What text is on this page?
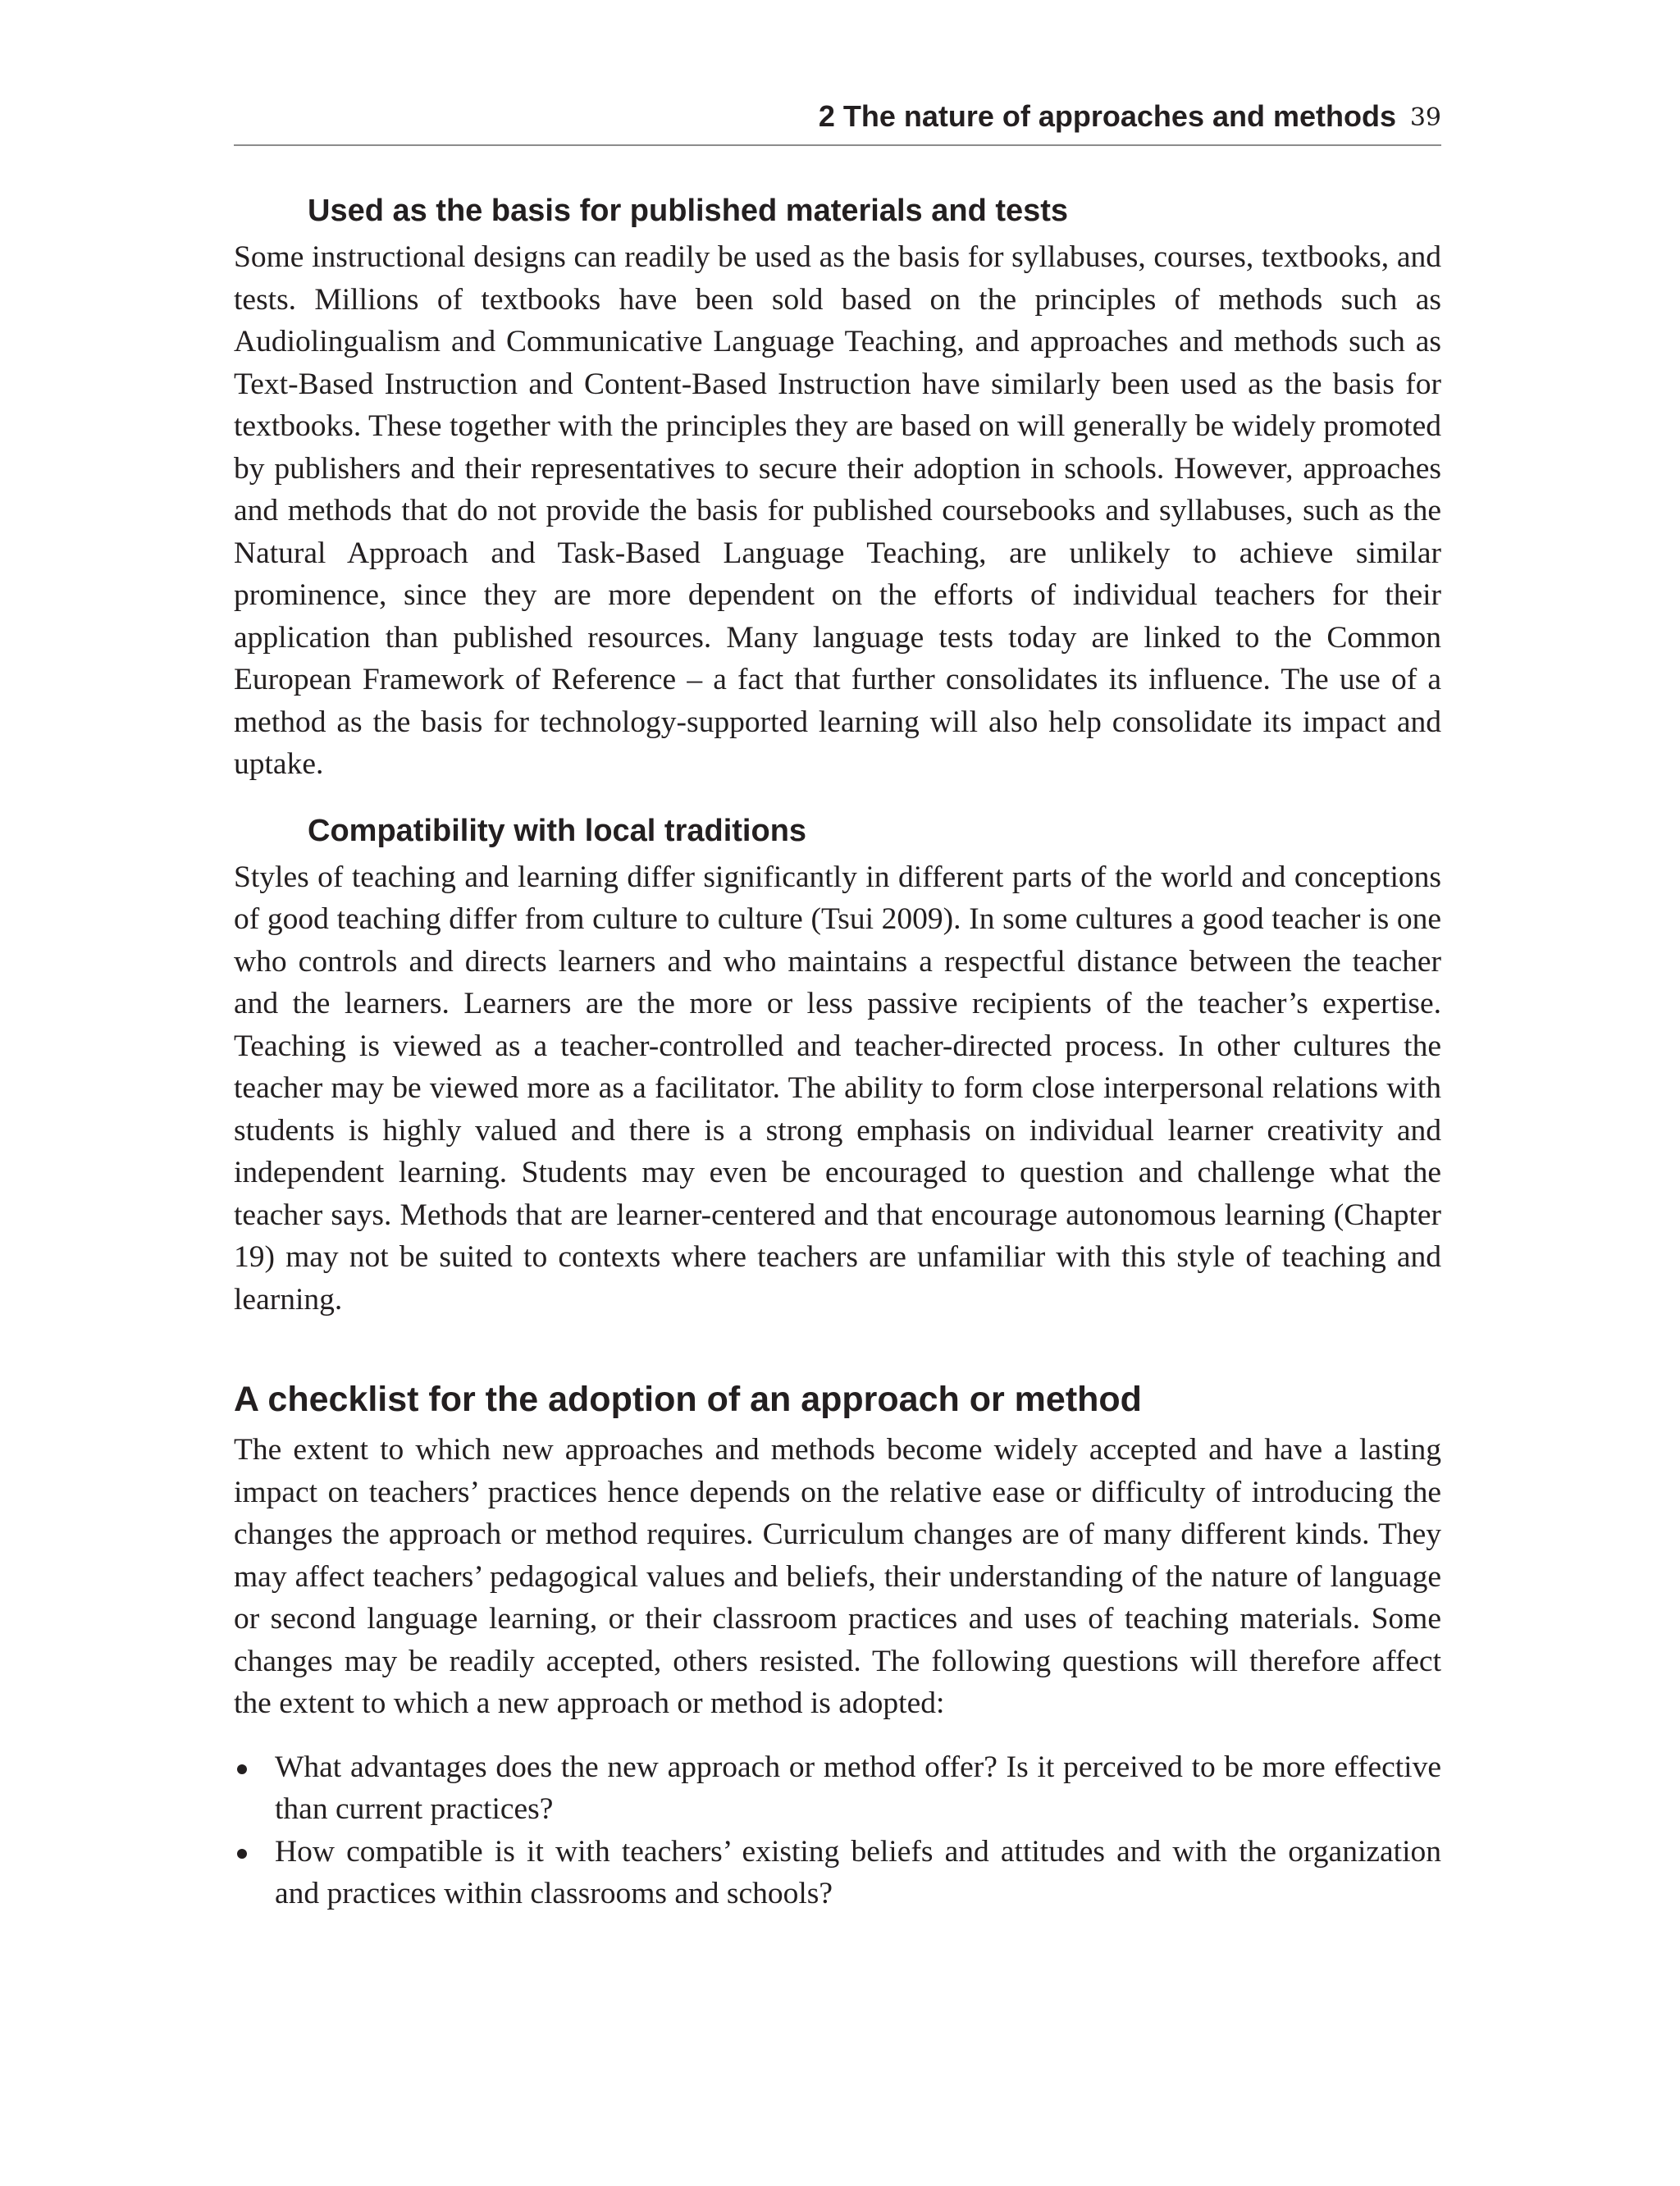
2 The nature of approaches and methods 39
Used as the basis for published materials and tests

Some instructional designs can readily be used as the basis for syllabuses, courses, textbooks, and tests. Millions of textbooks have been sold based on the principles of methods such as Audiolingualism and Communicative Language Teaching, and approaches and methods such as Text-Based Instruction and Content-Based Instruction have similarly been used as the basis for textbooks. These together with the principles they are based on will generally be widely promoted by publishers and their representatives to secure their adoption in schools. However, approaches and methods that do not provide the basis for published coursebooks and syllabuses, such as the Natural Approach and Task-Based Language Teaching, are unlikely to achieve similar prominence, since they are more dependent on the efforts of individual teachers for their application than published resources. Many language tests today are linked to the Common European Framework of Reference – a fact that further consolidates its influence. The use of a method as the basis for technology-supported learning will also help consolidate its impact and uptake.

Compatibility with local traditions

Styles of teaching and learning differ significantly in different parts of the world and conceptions of good teaching differ from culture to culture (Tsui 2009). In some cultures a good teacher is one who controls and directs learners and who maintains a respectful distance between the teacher and the learners. Learners are the more or less passive recipients of the teacher’s expertise. Teaching is viewed as a teacher-controlled and teacher-directed process. In other cultures the teacher may be viewed more as a facilitator. The ability to form close interpersonal relations with students is highly valued and there is a strong emphasis on individual learner creativity and independent learning. Students may even be encouraged to question and challenge what the teacher says. Methods that are learner-centered and that encourage autonomous learning (Chapter 19) may not be suited to contexts where teachers are unfamiliar with this style of teaching and learning.

A checklist for the adoption of an approach or method

The extent to which new approaches and methods become widely accepted and have a lasting impact on teachers’ practices hence depends on the relative ease or difficulty of introducing the changes the approach or method requires. Curriculum changes are of many different kinds. They may affect teachers’ pedagogical values and beliefs, their understanding of the nature of language or second language learning, or their classroom practices and uses of teaching materials. Some changes may be readily accepted, others resisted. The following questions will therefore affect the extent to which a new approach or method is adopted:

What advantages does the new approach or method offer? Is it perceived to be more effective than current practices?
How compatible is it with teachers’ existing beliefs and attitudes and with the organization and practices within classrooms and schools?
